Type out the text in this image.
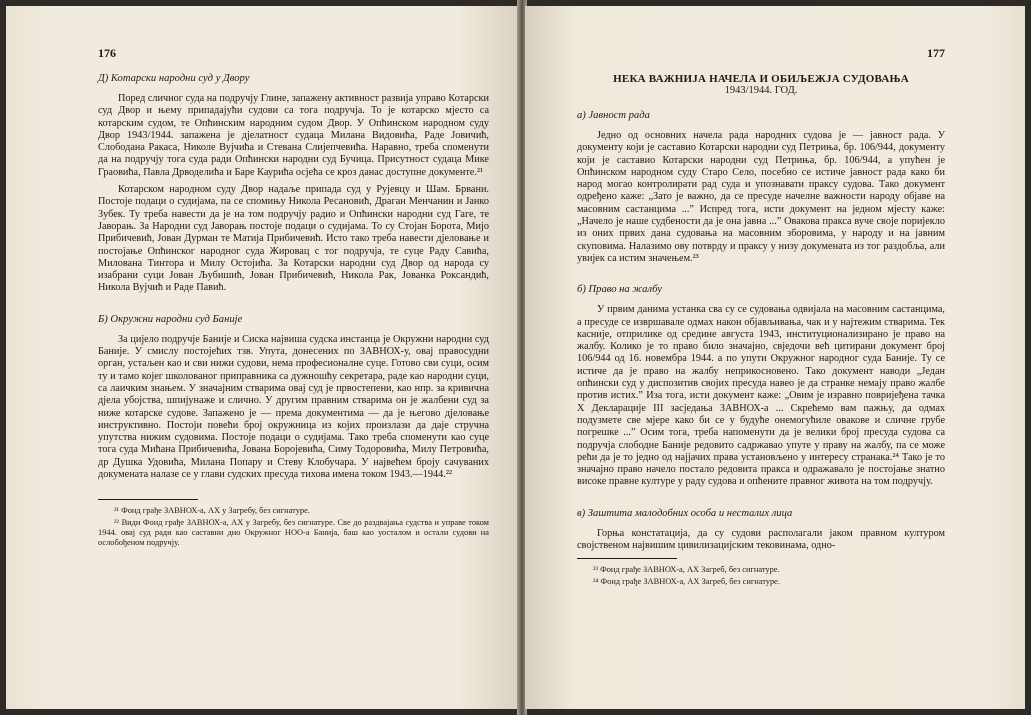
176
Д) Котарски народни суд у Двору

Поред сличног суда на подручју Глине, запажену активност развија управо Котарски суд Двор и њему припадајући судови са тога подручја. То је котарско мјесто са котарским судом, те Опћинским народним судом Двор. У Опћинском народном суду Двор 1943/1944. запажена је дјелатност судаца Милана Видовића, Раде Јовичић, Слободана Ракаса, Николе Вујчића и Стевана Слијепчевића. Наравно, треба споменути да на подручју тога суда ради Опћински народни суд Бучица. Присутност судаца Мике Граовића, Павла Дрводелића и Баре Каурића осјећа се кроз данас доступне документе.²¹

Котарском народном суду Двор надаље припада суд у Рујевцу и Шам. Брвани. Постоје подаци о судијама, па се спомињу Никола Ресановић, Драган Менчанин и Јанко Зубек. Ту треба навести да је на том подручју радио и Опћински народни суд Гаге, те Јаворањ. За Народни суд Јаворањ постоје подаци о судијама. То су Стојан Борота, Мијо Прибичевић, Јован Дурман те Матија Прибичевић. Исто тако треба навести дјеловање и постојање Опћинског народног суда Жировац с тог подручја, те суце Раду Савића, Милована Тинтора и Милу Остојића. За Котарски народни суд Двор од народа су изабрани суци Јован Љубишић, Јован Прибичевић, Никола Рак, Јованка Роксандић, Никола Вујчић и Раде Павић.

Б) Окружни народни суд Баније

За цијело подручје Баније и Сиска највиша судска инстанца је Окружни народни суд Баније. У смислу постојећих тзв. Упута, донесених по ЗАВНОХ-у, овај правосудни орган, устаљен као и сви нижи судови, нема професионалне суце. Готово сви суци, осим ту и тамо којег школованог приправника са дужношћу секретара, раде као народни суци, са лаичким знањем. У значајним стварима овај суд је првостепени, као нпр. за кривична дјела убојства, шпијунаже и слично. У другим правним стварима он је жалбени суд за ниже котарске судове. Запажено је — према документима — да је његово дјеловање инструктивно. Постоји повећи број окружница из којих произлази да даје стручна упутства нижим судовима. Постоје подаци о судијама. Тако треба споменути као суце тога суда Мићана Прибичевића, Јована Боројевића, Симу Тодоровића, Милу Петровића, др Душка Удовића, Милана Попару и Стеву Клобучара. У највећем броју сачуваних докумената налазе се у глави судских пресуда тихова имена током 1943.—1944.²²

²¹ Фонд грађе ЗАВНОХ-а, АХ у Загребу, без сигнатуре.

²² Види Фонд грађе ЗАВНОХ-а, АХ у Загребу, без сигнатуре. Све до раздвајања судства и управе током 1944. овај суд ради као саставни дио Окружног НОО-а Банија, баш као уосталом и остали судови на ослобођеном подручју.

177
НЕКА ВАЖНИЈА НАЧЕЛА И ОБИЉЕЖЈА СУДОВАЊА
1943/1944. ГОД.
а) Јавност рада

Једно од основних начела рада народних судова је — јавност рада. У документу који је саставио Котарски народни суд Петриња, бр. 106/944, документу који је саставио Котарски народни суд Петриња, бр. 106/944, а упућен је Опћинском народном суду Старо Село, посебно се истиче јавност рада како би народ могао контролирати рад суда и упознавати праксу судова. Тако документ одређено каже: „Зато је важно, да се пресуде начелне важности народу објаве на масовним састанцима ...” Испред тога, исти документ на једном мјесту каже: „Начело је наше судбености да је она јавна ...” Овакова пракса вуче своје поријекло из оних првих дана судовања на масовним зборовима, у народу и на јавним скуповима. Налазимо ову потврду и праксу у низу докумената из тог раздобља, али увијек са истим значењем.²³

б) Право на жалбу

У првим данима устанка сва су се судовања одвијала на масовним састанцима, а пресуде се извршавале одмах након објављивања, чак и у најтежим стварима. Тек касније, отприлике од средине августа 1943, институционализирано је право на жалбу. Колико је то право било значајно, свједочи већ цитирани документ број 106/944 од 16. новембра 1944. а по упути Окружног народног суда Баније. Ту се истиче да је право на жалбу неприкосновено. Тако документ наводи „Један опћински суд у диспозитив својих пресуда навео је да странке немају право жалбе против истих.” Иза тога, исти документ каже: „Овим је изравно повријеђена тачка Х Декларације III засједања ЗАВНОХ-а ... Скрећемо вам пажњу, да одмах подузмете све мјере како би се у будуће онемогућиле овакове и сличне грубе погрешке ...” Осим тога, треба напоменути да је велики број пресуда судова са подручја слободне Баније редовито садржавао упуте у праву на жалбу, па се може рећи да је то једно од најјачих права установљено у интересу странака.²⁴ Тако је то значајно право начело постало редовита пракса и одражавало је постојање знатно високе правне културе у раду судова и опћените правног живота на том подручју.

в) Заштита малодобних особа и несталих лица

Горња констатација, да су судови располагали јаком правном културом својственом највишим цивилизацијским тековинама, одно-

²³ Фонд грађе ЗАВНОХ-а, АХ Загреб, без сигнатуре.

²⁴ Фонд грађе ЗАВНОХ-а, АХ Загреб, без сигнатуре.
